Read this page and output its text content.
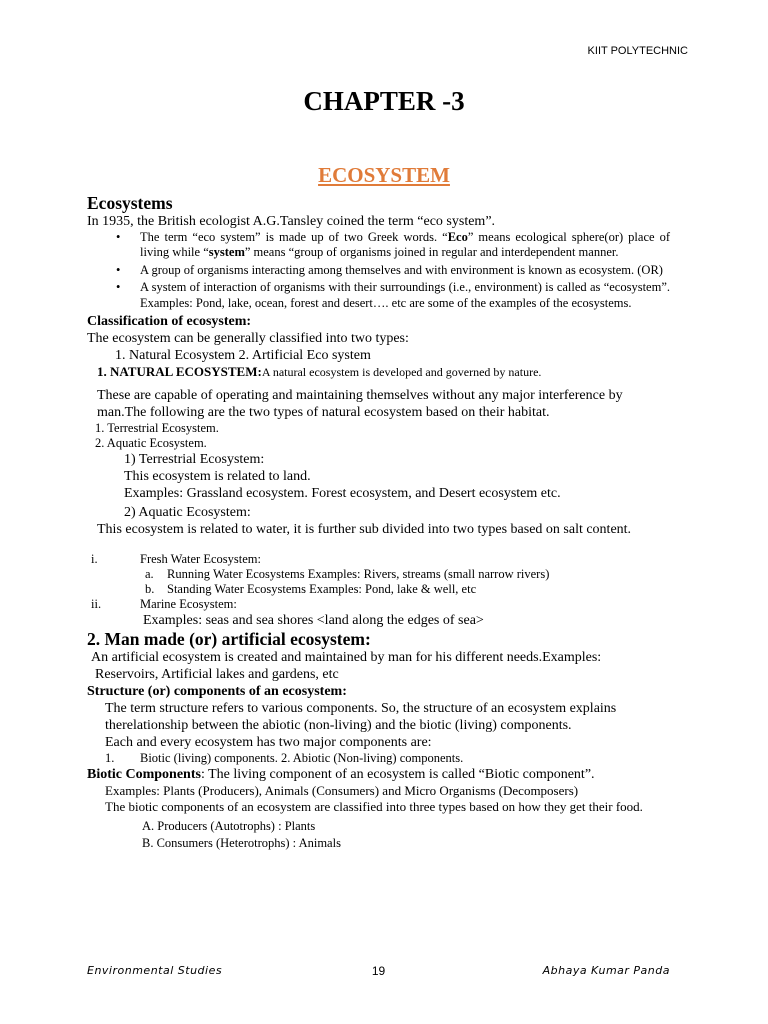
KIIT POLYTECHNIC
CHAPTER -3
ECOSYSTEM
Ecosystems
In 1935, the British ecologist A.G.Tansley coined the term “eco system”.
• The term “eco system” is made up of two Greek words. “Eco” means ecological sphere(or) place of living while “system” means “group of organisms joined in regular and interdependent manner.
• A group of organisms interacting among themselves and with environment is known as ecosystem. (OR)
• A system of interaction of organisms with their surroundings (i.e., environment) is called as “ecosystem”. Examples: Pond, lake, ocean, forest and desert…. etc are some of the examples of the ecosystems.
Classification of ecosystem:
The ecosystem can be generally classified into two types:
1. Natural Ecosystem 2. Artificial Eco system
1. NATURAL ECOSYSTEM:A natural ecosystem is developed and governed by nature.
These are capable of operating and maintaining themselves without any major interference by man.The following are the two types of natural ecosystem based on their habitat.
1. Terrestrial Ecosystem.
2. Aquatic Ecosystem.
1) Terrestrial Ecosystem:
This ecosystem is related to land.
Examples: Grassland ecosystem. Forest ecosystem, and Desert ecosystem etc.
2) Aquatic Ecosystem:
This ecosystem is related to water, it is further sub divided into two types based on salt content.
i.	Fresh Water Ecosystem:
a.	Running Water Ecosystems Examples: Rivers, streams (small narrow rivers)
b.	Standing Water Ecosystems Examples: Pond, lake & well, etc
ii.	Marine Ecosystem:
Examples: seas and sea shores <land along the edges of sea>
2. Man made (or) artificial ecosystem:
An artificial ecosystem is created and maintained by man for his different needs.Examples:
Reservoirs, Artificial lakes and gardens, etc
Structure (or) components of an ecosystem:
The term structure refers to various components. So, the structure of an ecosystem explains
therelationship between the abiotic (non-living) and the biotic (living) components.
Each and every ecosystem has two major components are:
1.	Biotic (living) components. 2. Abiotic (Non-living) components.
Biotic Components: The living component of an ecosystem is called “Biotic component”.
Examples: Plants (Producers), Animals (Consumers) and Micro Organisms (Decomposers)
The biotic components of an ecosystem are classified into three types based on how they get their food.
A. Producers (Autotrophs) : Plants
B. Consumers (Heterotrophs) : Animals
Environmental Studies	19	Abhaya Kumar Panda
